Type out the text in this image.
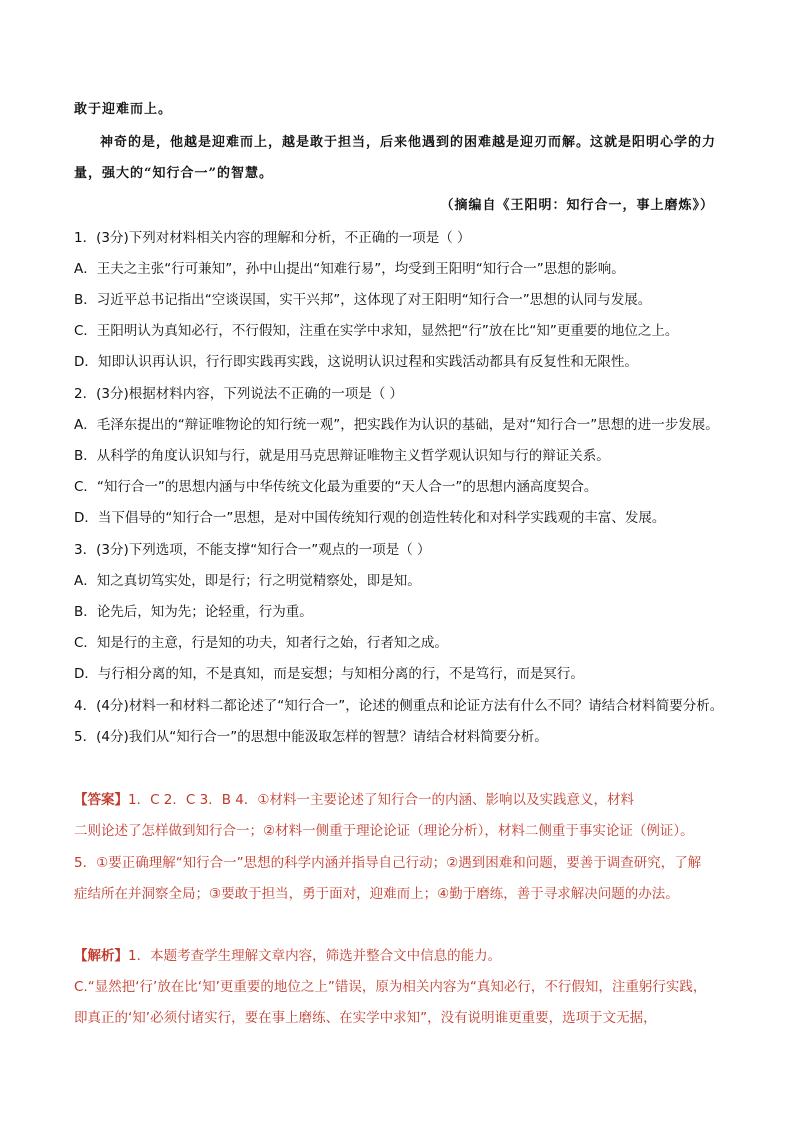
敢于迎难而上。
神奇的是，他越是迎难而上，越是敢于担当，后来他遇到的困难越是迎刃而解。这就是阳明心学的力
量，强大的“知行合一”的智慧。
（摘编自《王阳明：知行合一，事上磨炼》）
1．(3分)下列对材料相关内容的理解和分析，不正确的一项是（ ）
A．王夫之主张“行可兼知”，孙中山提出“知难行易”，均受到王阳明“知行合一”思想的影响。
B．习近平总书记指出“空谈误国，实干兴邦”，这体现了对王阳明“知行合一”思想的认同与发展。
C．王阳明认为真知必行，不行假知，注重在实学中求知，显然把“行”放在比“知”更重要的地位之上。
D．知即认识再认识，行行即实践再实践，这说明认识过程和实践活动都具有反复性和无限性。
2．(3分)根据材料内容，下列说法不正确的一项是（ ）
A．毛泽东提出的“辩证唯物论的知行统一观”，把实践作为认识的基础，是对“知行合一”思想的进一步发展。
B．从科学的角度认识知与行，就是用马克思辩证唯物主义哲学观认识知与行的辩证关系。
C．“知行合一”的思想内涵与中华传统文化最为重要的“天人合一”的思想内涵高度契合。
D．当下倡导的“知行合一”思想，是对中国传统知行观的创造性转化和对科学实践观的丰富、发展。
3．(3分)下列选项，不能支撑“知行合一”观点的一项是（ ）
A．知之真切笃实处，即是行；行之明觉精察处，即是知。
B．论先后，知为先；论轻重，行为重。
C．知是行的主意，行是知的功夫，知者行之始，行者知之成。
D．与行相分离的知，不是真知，而是妄想；与知相分离的行，不是笃行，而是冥行。
4．(4分)材料一和材料二都论述了“知行合一”，论述的侧重点和论证方法有什么不同？请结合材料简要分析。
5．(4分)我们从“知行合一”的思想中能汲取怎样的智慧？请结合材料简要分析。
【答案】1．C 2．C 3．B 4．①材料一主要论述了知行合一的内涵、影响以及实践意义，材料
二则论述了怎样做到知行合一；②材料一侧重于理论论证（理论分析），材料二侧重于事实论证（例证）。
5．①要正确理解“知行合一”思想的科学内涵并指导自己行动；②遇到困难和问题，要善于调查研究，了解
症结所在并洞察全局；③要敢于担当，勇于面对，迎难而上；④勤于磨练，善于寻求解决问题的办法。
【解析】1．本题考查学生理解文章内容，筛选并整合文中信息的能力。
C.“显然把‘行’放在比‘知’更重要的地位之上”错误，原为相关内容为“真知必行，不行假知，注重躬行实践，
即真正的‘知’必须付诸实行，要在事上磨练、在实学中求知”，没有说明谁更重要，选项于文无据，
